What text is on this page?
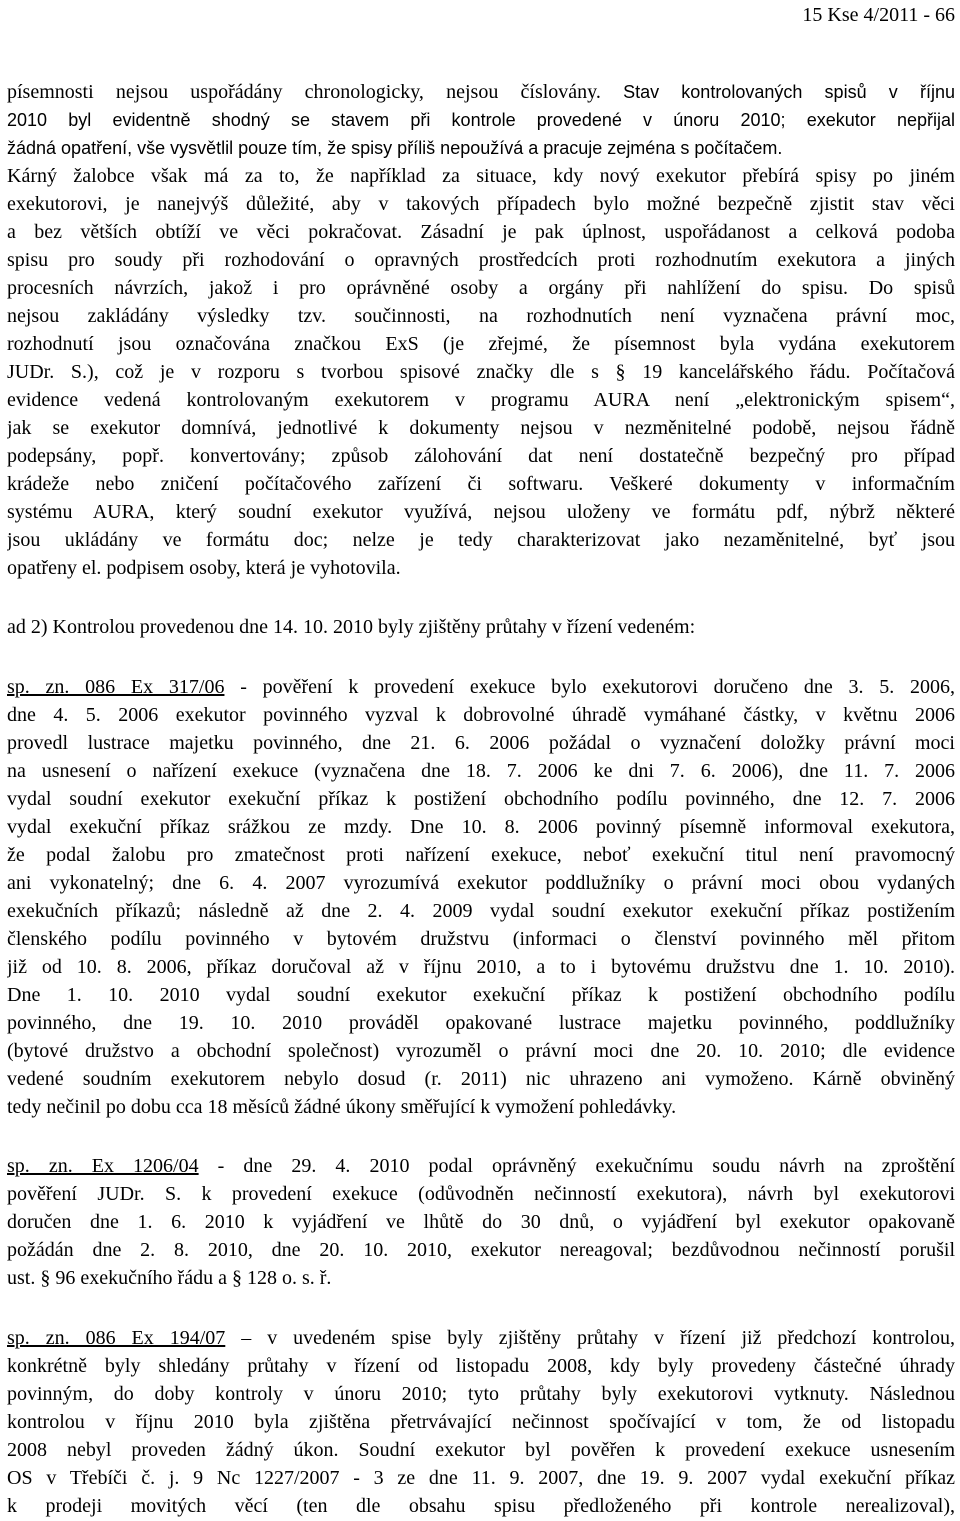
15 Kse 4/2011 - 66
písemnosti nejsou uspořádány chronologicky, nejsou číslovány. Stav kontrolovaných spisů v říjnu
2010 byl evidentně shodný se stavem při kontrole provedené v únoru 2010; exekutor nepřijal
žádná opatření, vše vysvětlil pouze tím, že spisy příliš nepoužívá a pracuje zejména s počítačem.
Kárný žalobce však má za to, že například za situace, kdy nový exekutor přebírá spisy po jiném
exekutorovi, je nanejvýš důležité, aby v takových případech bylo možné bezpečně zjistit stav věci
a bez větších obtíží ve věci pokračovat. Zásadní je pak úplnost, uspořádanost a celková podoba
spisu pro soudy při rozhodování o opravných prostředcích proti rozhodnutím exekutora a jiných
procesních návrzích, jakož i pro oprávněné osoby a orgány při nahlížení do spisu. Do spisů
nejsou zakládány výsledky tzv. součinnosti, na rozhodnutích není vyznačena právní moc,
rozhodnutí jsou označována značkou ExS (je zřejmé, že písemnost byla vydána exekutorem
JUDr. S.), což je v rozporu s tvorbou spisové značky dle s § 19 kancelářského řádu. Počítačová
evidence vedená kontrolovaným exekutorem v programu AURA není „elektronickým spisem“,
jak se exekutor domnívá, jednotlivé k dokumenty nejsou v nezměnitelné podobě, nejsou řádně
podepsány, popř. konvertovány; způsob zálohování dat není dostatečně bezpečný pro případ
krádeže nebo zničení počítačového zařízení či softwaru. Veškeré dokumenty v informačním
systému AURA, který soudní exekutor využívá, nejsou uloženy ve formátu pdf, nýbrž některé
jsou ukládány ve formátu doc; nelze je tedy charakterizovat jako nezaměnitelné, byť jsou
opatřeny el. podpisem osoby, která je vyhotovila.
ad 2) Kontrolou provedenou dne 14. 10. 2010 byly zjištěny průtahy v řízení vedeném:
sp. zn. 086 Ex 317/06 - pověření k provedení exekuce bylo exekutorovi doručeno dne 3. 5. 2006,
dne 4. 5. 2006 exekutor povinného vyzval k dobrovolné úhradě vymáhané částky, v květnu 2006
provedl lustrace majetku povinného, dne 21. 6. 2006 požádal o vyznačení doložky právní moci
na usnesení o nařízení exekuce (vyznačena dne 18. 7. 2006 ke dni 7. 6. 2006), dne 11. 7. 2006
vydal soudní exekutor exekuční příkaz k postižení obchodního podílu povinného, dne 12. 7. 2006
vydal exekuční příkaz srážkou ze mzdy. Dne 10. 8. 2006 povinný písemně informoval exekutora,
že podal žalobu pro zmatečnost proti nařízení exekuce, neboť exekuční titul není pravomocný
ani vykonatelný; dne 6. 4. 2007 vyrozumívá exekutor poddlužníky o právní moci obou vydaných
exekučních příkazů; následně až dne 2. 4. 2009 vydal soudní exekutor exekuční příkaz postižením
členského podílu povinného v bytovém družstvu (informaci o členství povinného měl přitom
již od 10. 8. 2006, příkaz doručoval až v říjnu 2010, a to i bytovému družstvu dne 1. 10. 2010).
Dne 1. 10. 2010 vydal soudní exekutor exekuční příkaz k postižení obchodního podílu
povinného, dne 19. 10. 2010 prováděl opakované lustrace majetku povinného, poddlužníky
(bytové družstvo a obchodní společnost) vyrozuměl o právní moci dne 20. 10. 2010; dle evidence
vedené soudním exekutorem nebylo dosud (r. 2011) nic uhrazeno ani vymoženo. Kárně obviněný
tedy nečinil po dobu cca 18 měsíců žádné úkony směřující k vymožení pohledávky.
sp. zn. Ex 1206/04 - dne 29. 4. 2010 podal oprávněný exekučnímu soudu návrh na zproštění
pověření JUDr. S. k provedení exekuce (odůvodněn nečinností exekutora), návrh byl exekutorovi
doručen dne 1. 6. 2010 k vyjádření ve lhůtě do 30 dnů, o vyjádření byl exekutor opakovaně
požádán dne 2. 8. 2010, dne 20. 10. 2010, exekutor nereagoval; bezdůvodnou nečinností porušil
ust. § 96 exekučního řádu a § 128 o. s. ř.
sp. zn. 086 Ex 194/07 – v uvedeném spise byly zjištěny průtahy v řízení již předchozí kontrolou,
konkrétně byly shledány průtahy v řízení od listopadu 2008, kdy byly provedeny částečné úhrady
povinným, do doby kontroly v únoru 2010; tyto průtahy byly exekutorovi vytknuty. Následnou
kontrolou v říjnu 2010 byla zjištěna přetrvávající nečinnost spočívající v tom, že od listopadu
2008 nebyl proveden žádný úkon. Soudní exekutor byl pověřen k provedení exekuce usnesením
OS v Třebíči č. j. 9 Nc 1227/2007 - 3 ze dne 11. 9. 2007, dne 19. 9. 2007 vydal exekuční příkaz
k prodeji movitých věcí (ten dle obsahu spisu předloženého při kontrole nerealizoval),
